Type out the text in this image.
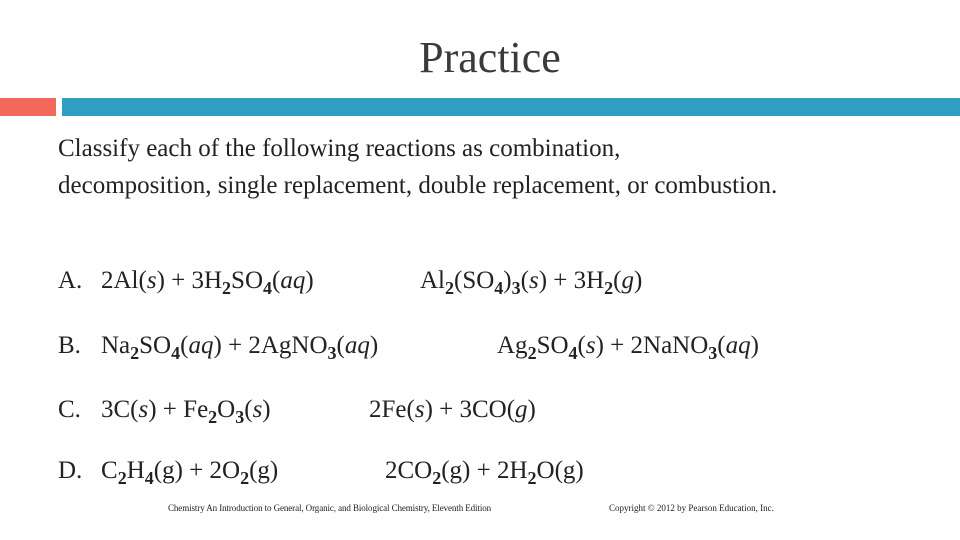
Practice
Classify each of the following reactions as combination, decomposition, single replacement, double replacement, or combustion.
A. $2Al(s) + 3H_2SO_4(aq)$	$Al_2(SO_4)_3(s) + 3H_2(g)$
B. $Na_2SO_4(aq)$ + 2AgNO$_3$(aq)	$Ag_2SO_4(s)$ + 2NaNO$_3$(aq)
C. $3C(s) + Fe_2O_3(s)$	2Fe(s) + 3CO(g)
D. $C_2H_4(g) + 2O_2(g)$	$2CO_2(g) + 2H_2O(g)$
Chemistry An Introduction to General, Organic, and Biological Chemistry, Eleventh Edition	Copyright © 2012 by Pearson Education, Inc.
